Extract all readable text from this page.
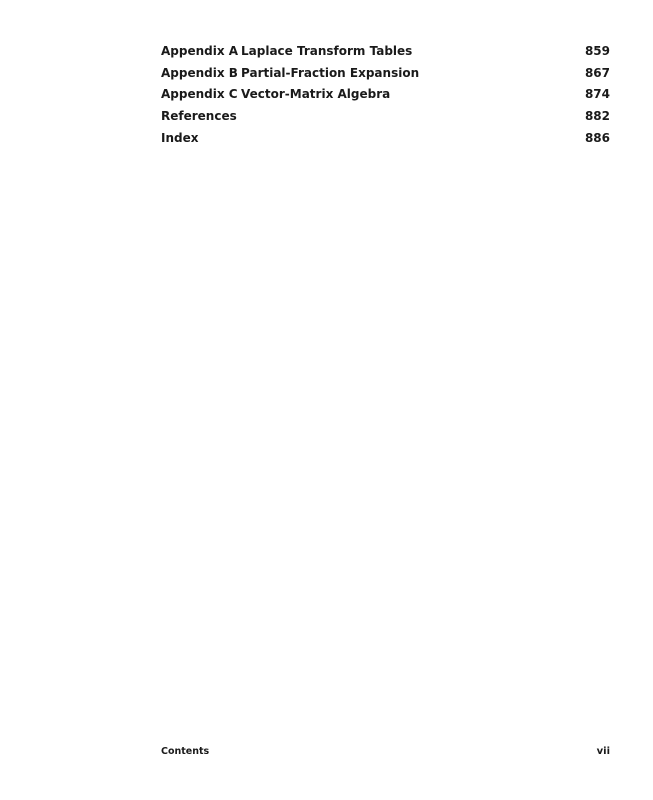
Appendix A Laplace Transform Tables	859
Appendix B Partial-Fraction Expansion	867
Appendix C Vector-Matrix Algebra	874
References	882
Index	886
Contents	vii
